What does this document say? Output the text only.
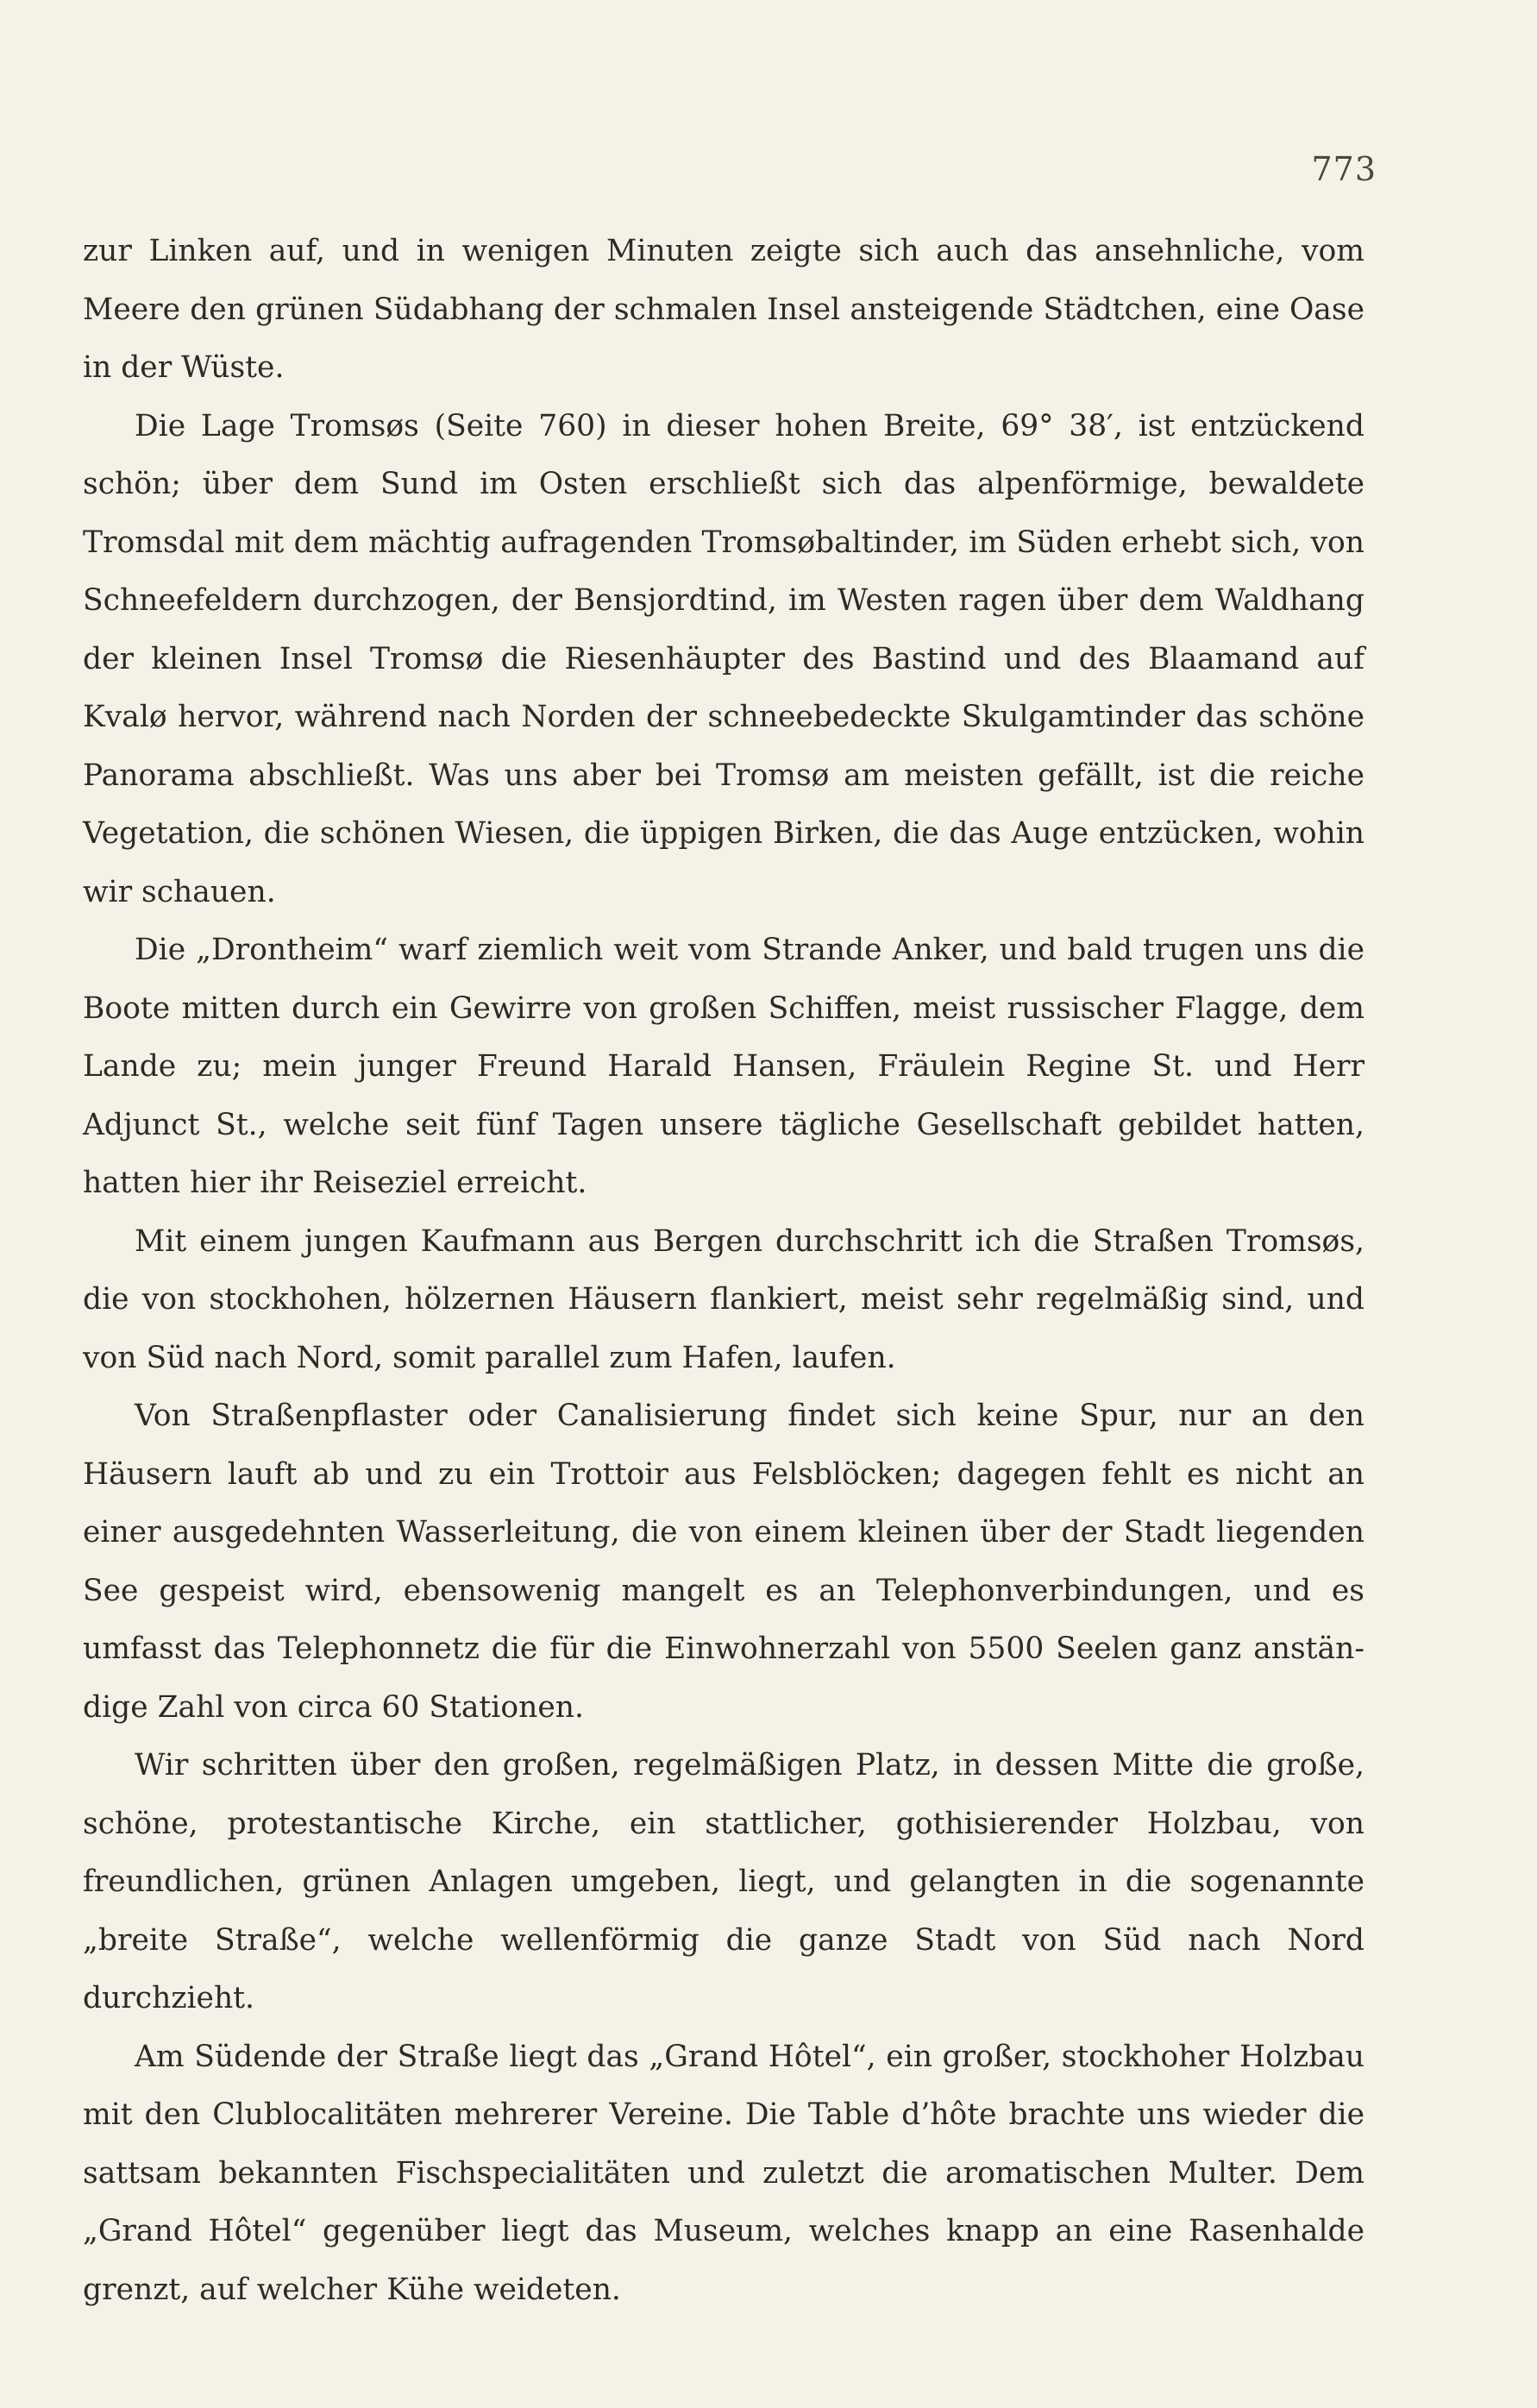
773

zur Linken auf, und in wenigen Minuten zeigte sich auch das ansehnliche, vom Meere den grünen Südabhang der schmalen Insel ansteigende Städtchen, eine Oase in der Wüste.

Die Lage Tromsøs (Seite 760) in dieser hohen Breite, 69° 38′, ist entzückend schön; über dem Sund im Osten erschließt sich das alpenförmige, bewaldete Tromsdal mit dem mächtig aufragenden Tromsøbaltinder, im Süden erhebt sich, von Schneefeldern durchzogen, der Bensjordtind, im Westen ragen über dem Waldhang der kleinen Insel Tromsø die Riesenhäupter des Bastind und des Blaamand auf Kvalø hervor, während nach Norden der schneebedeckte Skulgamtinder das schöne Panorama abschließt. Was uns aber bei Tromsø am meisten gefällt, ist die reiche Vegetation, die schönen Wiesen, die üppigen Birken, die das Auge entzücken, wohin wir schauen.

Die „Drontheim“ warf ziemlich weit vom Strande Anker, und bald trugen uns die Boote mitten durch ein Gewirre von großen Schiffen, meist russischer Flagge, dem Lande zu; mein junger Freund Harald Hansen, Fräulein Regine St. und Herr Adjunct St., welche seit fünf Tagen unsere tägliche Gesellschaft gebildet hatten, hatten hier ihr Reiseziel erreicht.

Mit einem jungen Kaufmann aus Bergen durchschritt ich die Straßen Tromsøs, die von stockhohen, hölzernen Häusern flankiert, meist sehr regelmäßig sind, und von Süd nach Nord, somit parallel zum Hafen, laufen.

Von Straßenpflaster oder Canalisierung findet sich keine Spur, nur an den Häusern lauft ab und zu ein Trottoir aus Felsblöcken; dagegen fehlt es nicht an einer ausgedehnten Wasserleitung, die von einem kleinen über der Stadt liegenden See gespeist wird, ebensowenig mangelt es an Telephonverbindungen, und es umfasst das Telephonnetz die für die Einwohnerzahl von 5500 Seelen ganz anstän-dige Zahl von circa 60 Stationen.

Wir schritten über den großen, regelmäßigen Platz, in dessen Mitte die große, schöne, protestantische Kirche, ein stattlicher, gothisierender Holzbau, von freundlichen, grünen Anlagen umgeben, liegt, und gelangten in die sogenannte „breite Straße“, welche wellenförmig die ganze Stadt von Süd nach Nord durchzieht.

Am Südende der Straße liegt das „Grand Hôtel“, ein großer, stockhoher Holzbau mit den Clublocalitäten mehrerer Vereine. Die Table d’hôte brachte uns wieder die sattsam bekannten Fischspecialitäten und zuletzt die aromatischen Multer. Dem „Grand Hôtel“ gegenüber liegt das Museum, welches knapp an eine Rasenhalde grenzt, auf welcher Kühe weideten.
